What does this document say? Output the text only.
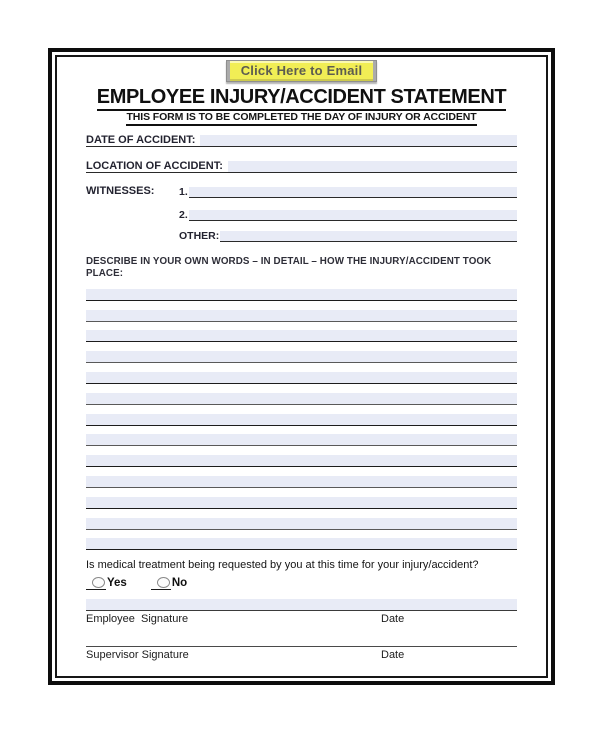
Click Here to Email
EMPLOYEE INJURY/ACCIDENT STATEMENT
THIS FORM IS TO BE COMPLETED THE DAY OF INJURY OR ACCIDENT
DATE OF ACCIDENT:
LOCATION OF ACCIDENT:
WITNESSES:	1.
2.
OTHER:
DESCRIBE IN YOUR OWN WORDS – IN DETAIL – HOW THE INJURY/ACCIDENT TOOK PLACE:
Is medical treatment being requested by you at this time for your injury/accident?
Yes	No
Employee  Signature	Date
Supervisor Signature	Date
